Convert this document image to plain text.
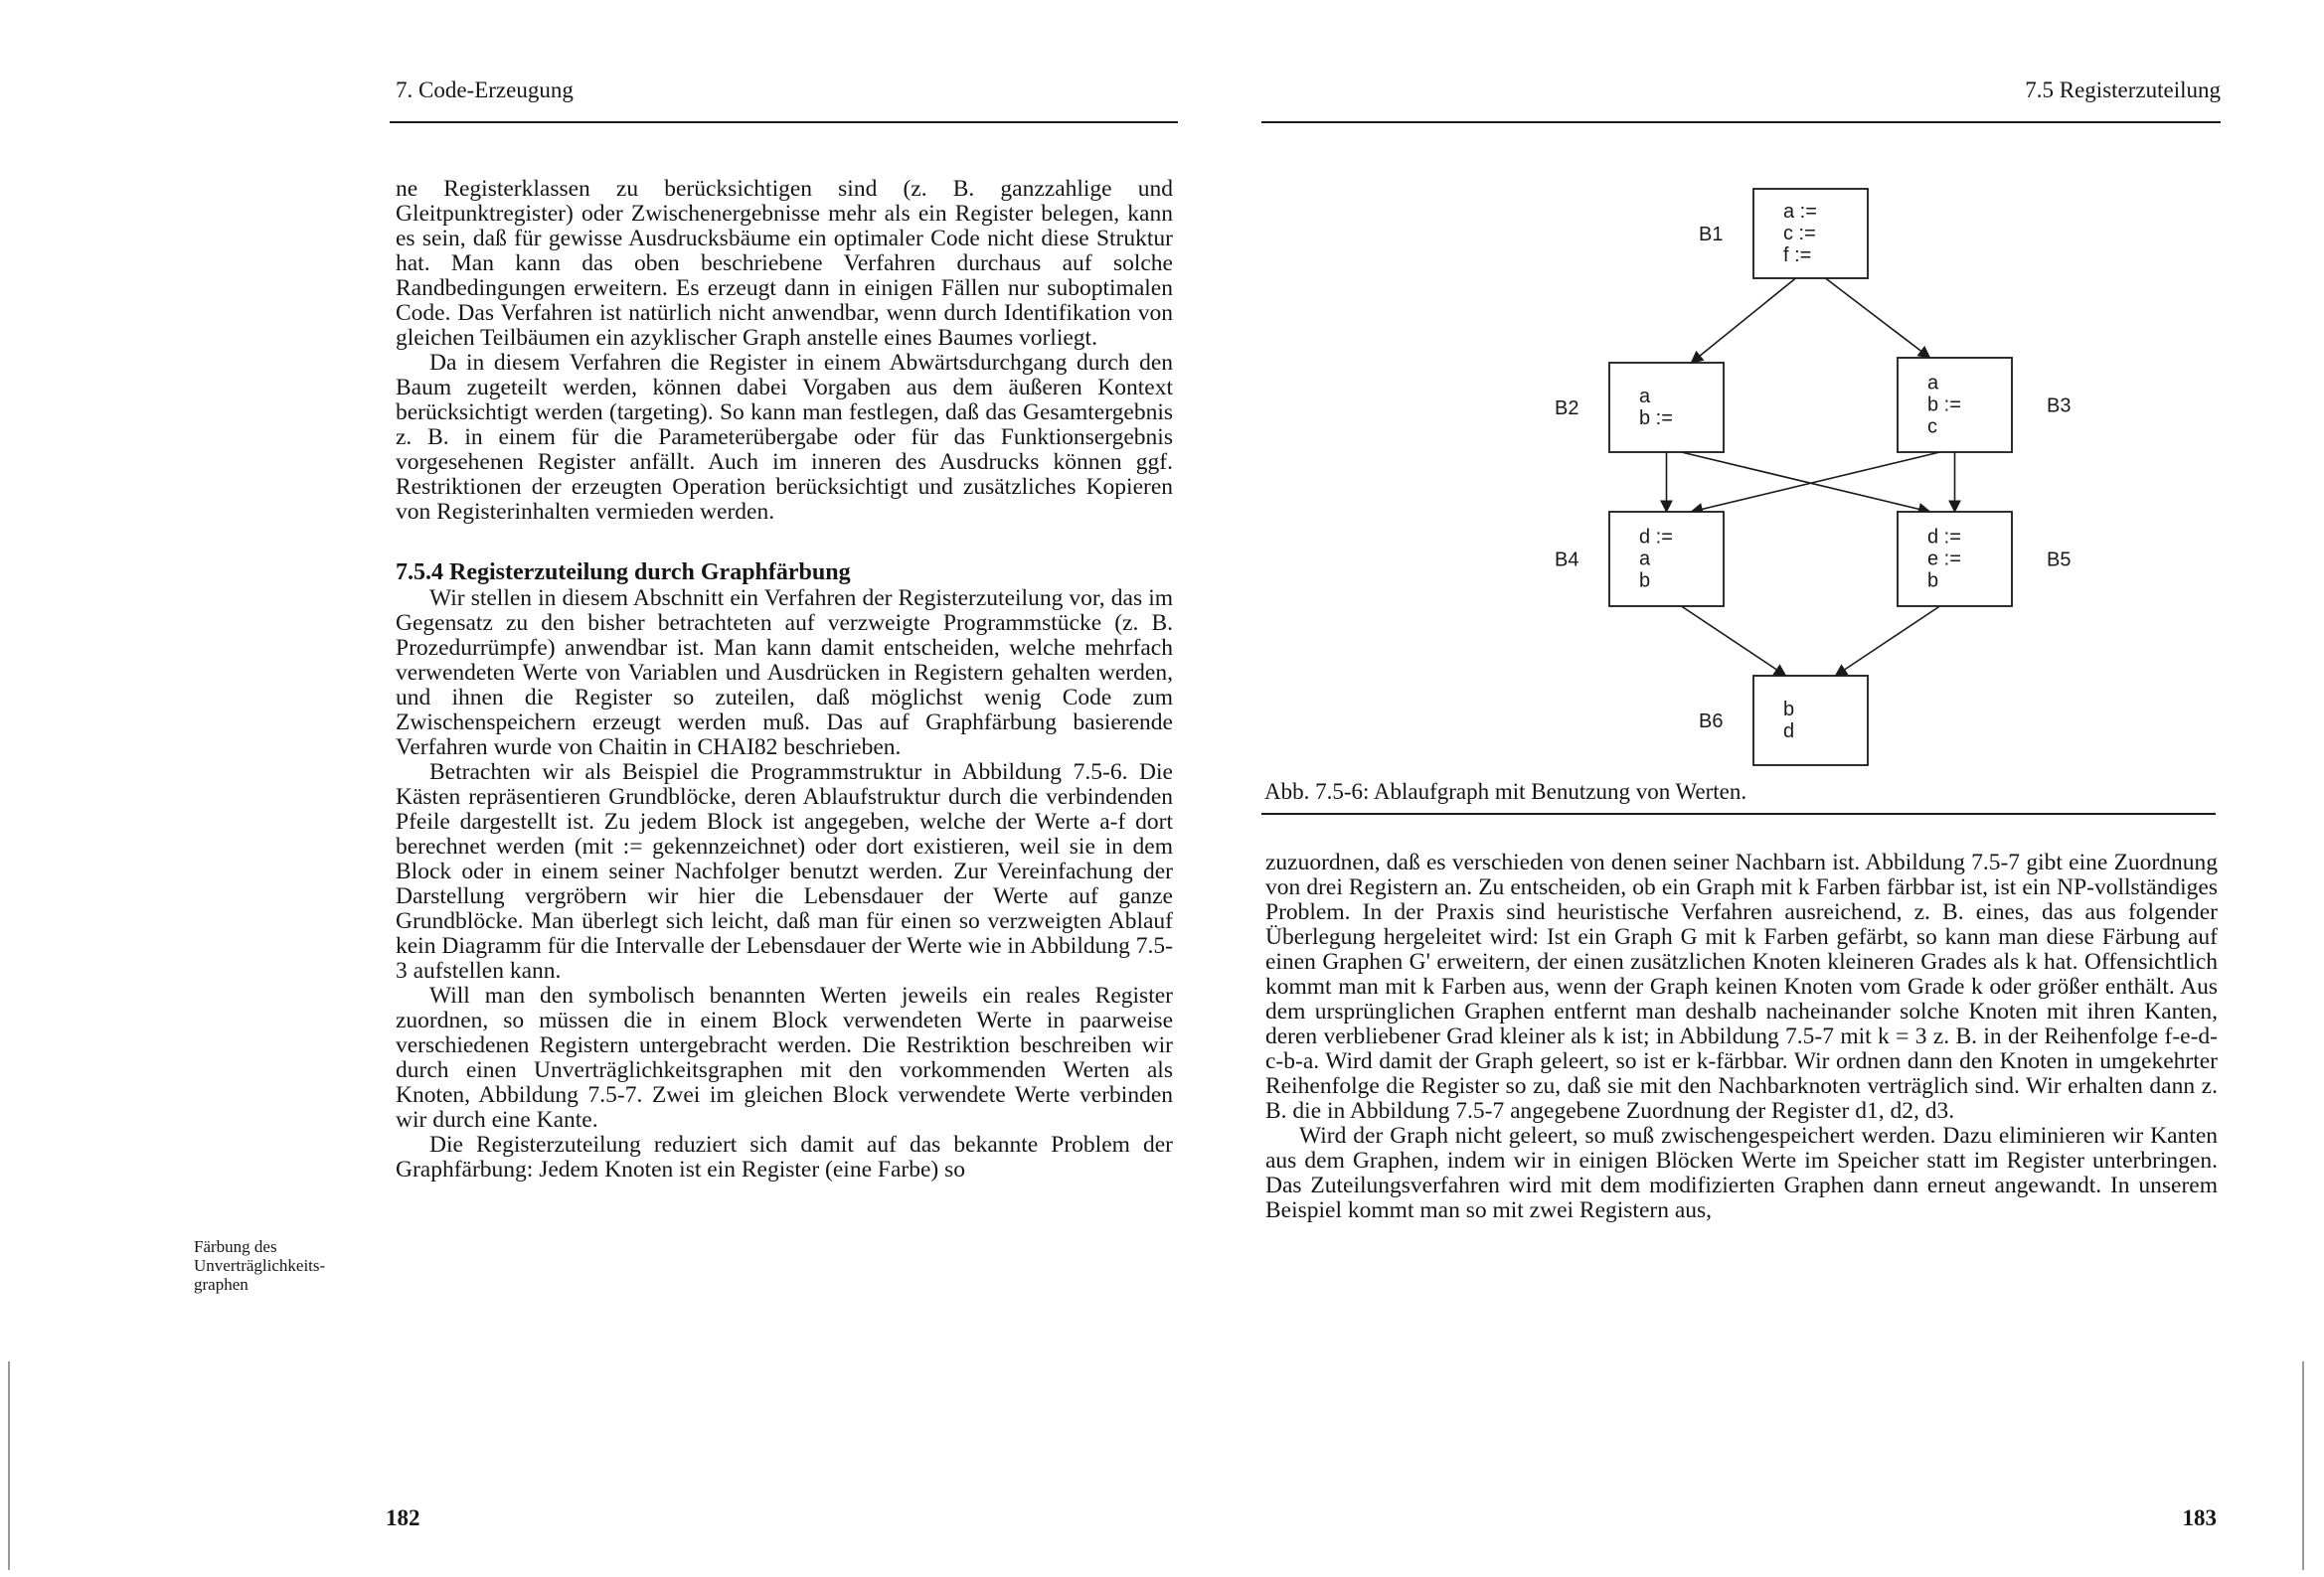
7. Code-Erzeugung

ne Registerklassen zu berücksichtigen sind (z. B. ganzzahlige und Gleitpunktregister) oder Zwischenergebnisse mehr als ein Register belegen, kann es sein, daß für gewisse Ausdrucksbäume ein optimaler Code nicht diese Struktur hat. Man kann das oben beschriebene Verfahren durchaus auf solche Randbedingungen erweitern. Es erzeugt dann in einigen Fällen nur suboptimalen Code. Das Verfahren ist natürlich nicht anwendbar, wenn durch Identifikation von gleichen Teilbäumen ein azyklischer Graph anstelle eines Baumes vorliegt.

Da in diesem Verfahren die Register in einem Abwärtsdurchgang durch den Baum zugeteilt werden, können dabei Vorgaben aus dem äußeren Kontext berücksichtigt werden (targeting). So kann man festlegen, daß das Gesamtergebnis z. B. in einem für die Parameterübergabe oder für das Funktionsergebnis vorgesehenen Register anfällt. Auch im inneren des Ausdrucks können ggf. Restriktionen der erzeugten Operation berücksichtigt und zusätzliches Kopieren von Registerinhalten vermieden werden.

7.5.4 Registerzuteilung durch Graphfärbung

Wir stellen in diesem Abschnitt ein Verfahren der Registerzuteilung vor, das im Gegensatz zu den bisher betrachteten auf verzweigte Programmstücke (z. B. Prozedurrümpfe) anwendbar ist. Man kann damit entscheiden, welche mehrfach verwendeten Werte von Variablen und Ausdrücken in Registern gehalten werden, und ihnen die Register so zuteilen, daß möglichst wenig Code zum Zwischenspeichern erzeugt werden muß. Das auf Graphfärbung basierende Verfahren wurde von Chaitin in CHAI82 beschrieben.

Betrachten wir als Beispiel die Programmstruktur in Abbildung 7.5-6. Die Kästen repräsentieren Grundblöcke, deren Ablaufstruktur durch die verbindenden Pfeile dargestellt ist. Zu jedem Block ist angegeben, welche der Werte a-f dort berechnet werden (mit := gekennzeichnet) oder dort existieren, weil sie in dem Block oder in einem seiner Nachfolger benutzt werden. Zur Vereinfachung der Darstellung vergröbern wir hier die Lebensdauer der Werte auf ganze Grundblöcke. Man überlegt sich leicht, daß man für einen so verzweigten Ablauf kein Diagramm für die Intervalle der Lebensdauer der Werte wie in Abbildung 7.5-3 aufstellen kann.

Will man den symbolisch benannten Werten jeweils ein reales Register zuordnen, so müssen die in einem Block verwendeten Werte in paarweise verschiedenen Registern untergebracht werden. Die Restriktion beschreiben wir durch einen Unverträglichkeitsgraphen mit den vorkommenden Werten als Knoten, Abbildung 7.5-7. Zwei im gleichen Block verwendete Werte verbinden wir durch eine Kante.

Die Registerzuteilung reduziert sich damit auf das bekannte Problem der Graphfärbung: Jedem Knoten ist ein Register (eine Farbe) so

Färbung des Unverträglichkeits-graphen
182
7.5 Registerzuteilung
a :=
c :=
f :=
B1
a
b :=
B2
a
b :=
c
B3
d :=
a
b
B4
d :=
e :=
b
B5
b
d
B6
Abb. 7.5-6: Ablaufgraph mit Benutzung von Werten.

zuzuordnen, daß es verschieden von denen seiner Nachbarn ist. Abbildung 7.5-7 gibt eine Zuordnung von drei Registern an. Zu entscheiden, ob ein Graph mit k Farben färbbar ist, ist ein NP-vollständiges Problem. In der Praxis sind heuristische Verfahren ausreichend, z. B. eines, das aus folgender Überlegung hergeleitet wird: Ist ein Graph G mit k Farben gefärbt, so kann man diese Färbung auf einen Graphen G' erweitern, der einen zusätzlichen Knoten kleineren Grades als k hat. Offensichtlich kommt man mit k Farben aus, wenn der Graph keinen Knoten vom Grade k oder größer enthält. Aus dem ursprünglichen Graphen entfernt man deshalb nacheinander solche Knoten mit ihren Kanten, deren verbliebener Grad kleiner als k ist; in Abbildung 7.5-7 mit k = 3 z. B. in der Reihenfolge f-e-d-c-b-a. Wird damit der Graph geleert, so ist er k-färbbar. Wir ordnen dann den Knoten in umgekehrter Reihenfolge die Register so zu, daß sie mit den Nachbarknoten verträglich sind. Wir erhalten dann z. B. die in Abbildung 7.5-7 angegebene Zuordnung der Register d1, d2, d3.

Wird der Graph nicht geleert, so muß zwischengespeichert werden. Dazu eliminieren wir Kanten aus dem Graphen, indem wir in einigen Blöcken Werte im Speicher statt im Register unterbringen. Das Zuteilungsverfahren wird mit dem modifizierten Graphen dann erneut angewandt. In unserem Beispiel kommt man so mit zwei Registern aus,

183
